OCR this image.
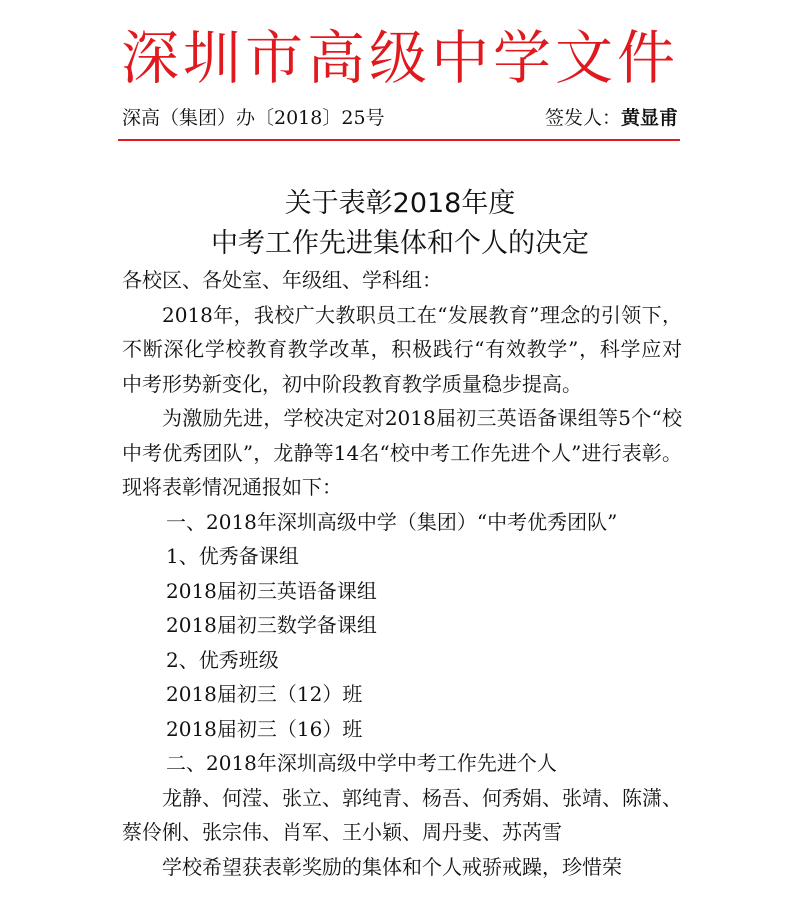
深圳市高级中学文件
深高（集团）办〔2018〕25号	签发人：黄显甫
关于表彰2018年度
中考工作先进集体和个人的决定

各校区、各处室、年级组、学科组：

2018年，我校广大教职员工在“发展教育”理念的引领下，不断深化学校教育教学改革，积极践行“有效教学”，科学应对中考形势新变化，初中阶段教育教学质量稳步提高。

为激励先进，学校决定对2018届初三英语备课组等5个“校中考优秀团队”，龙静等14名“校中考工作先进个人”进行表彰。现将表彰情况通报如下：

一、2018年深圳高级中学（集团）“中考优秀团队”

1、优秀备课组

2018届初三英语备课组

2018届初三数学备课组

2、优秀班级

2018届初三（12）班

2018届初三（16）班

二、2018年深圳高级中学中考工作先进个人

龙静、何滢、张立、郭纯青、杨吾、何秀娟、张靖、陈潇、蔡伶俐、张宗伟、肖军、王小颖、周丹斐、苏芮雪

学校希望获表彰奖励的集体和个人戒骄戒躁，珍惜荣
